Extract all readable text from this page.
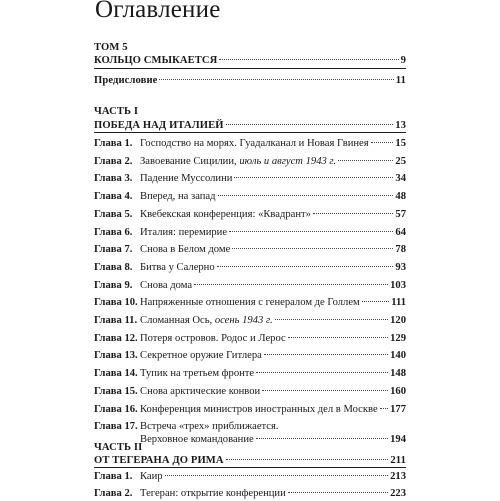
Оглавление
ТОМ 5
КОЛЬЦО СМЫКАЕТСЯ	9
Предисловие	11
ЧАСТЬ I
ПОБЕДА НАД ИТАЛИЕЙ	13
Глава 1. Господство на морях. Гуадалканал и Новая Гвинея	15
Глава 2. Завоевание Сицилии, июль и август 1943 г.	25
Глава 3. Падение Муссолини	34
Глава 4. Вперед, на запад	48
Глава 5. Квебекская конференция: «Квадрант»	57
Глава 6. Италия: перемирие	64
Глава 7. Снова в Белом доме	78
Глава 8. Битва у Салерно	93
Глава 9. Снова дома	103
Глава 10. Напряженные отношения с генералом де Голлем	111
Глава 11. Сломанная Ось, осень 1943 г.	120
Глава 12. Потеря островов. Родос и Лерос	129
Глава 13. Секретное оружие Гитлера	140
Глава 14. Тупик на третьем фронте	148
Глава 15. Снова арктические конвои	160
Глава 16. Конференция министров иностранных дел в Москве 177
Глава 17. Встреча «трех» приближается.
Верховное командование	194
ЧАСТЬ II
ОТ ТЕГЕРАНА ДО РИМА	211
Глава 1. Каир	213
Глава 2. Тегеран: открытие конференции	223
